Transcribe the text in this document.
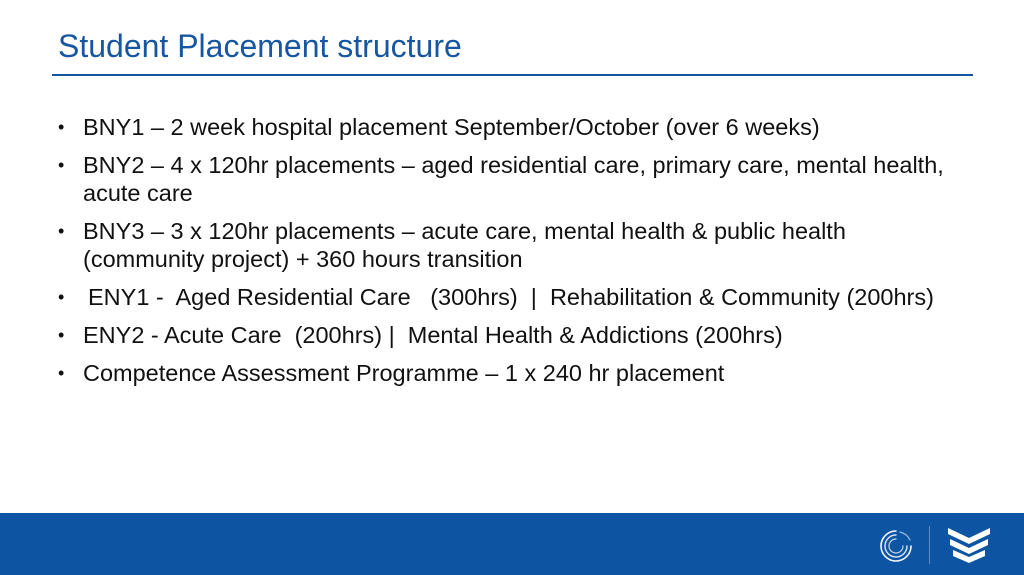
Student Placement structure
• BNY1 – 2 week hospital placement September/October (over 6 weeks)
• BNY2 – 4 x 120hr placements – aged residential care, primary care, mental health, acute care
• BNY3 – 3 x 120hr placements – acute care, mental health & public health (community project) + 360 hours transition
•	ENY1 -  Aged Residential Care   (300hrs)  |  Rehabilitation & Community (200hrs)
• ENY2 - Acute Care  (200hrs) |  Mental Health & Addictions (200hrs)
• Competence Assessment Programme – 1 x 240 hr placement
